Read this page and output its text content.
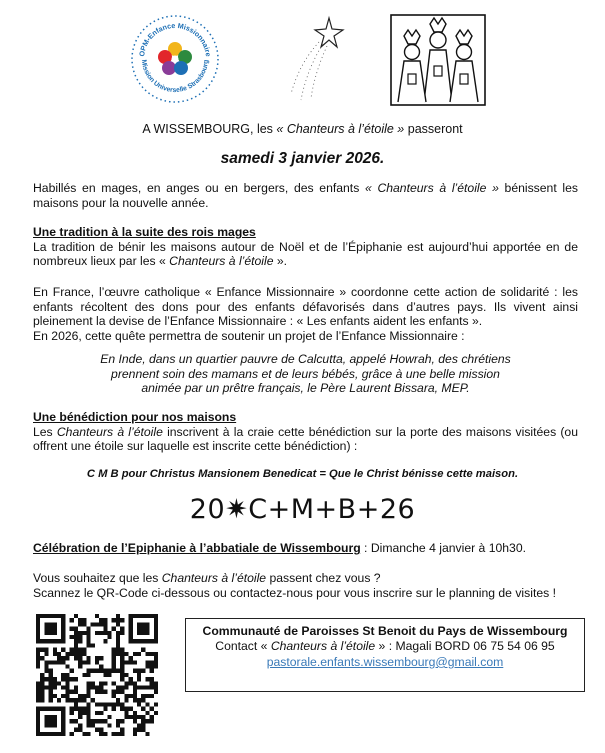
OPM-Enfance Missionnaire
Mission Universelle Strasbourg
A WISSEMBOURG, les « Chanteurs à l’étoile » passeront
samedi 3 janvier 2026.

Habillés en mages, en anges ou en bergers, des enfants « Chanteurs à l’étoile » bénissent les maisons pour la nouvelle année.

Une tradition à la suite des rois mages

La tradition de bénir les maisons autour de Noël et de l’Épiphanie est aujourd’hui apportée en de nombreux lieux par les « Chanteurs à l’étoile ».

En France, l’œuvre catholique « Enfance Missionnaire » coordonne cette action de solidarité : les enfants récoltent des dons pour des enfants défavorisés dans d’autres pays. Ils vivent ainsi pleinement la devise de l’Enfance Missionnaire : « Les enfants aident les enfants ».

En 2026, cette quête permettra de soutenir un projet de l’Enfance Missionnaire :

En Inde, dans un quartier pauvre de Calcutta, appelé Howrah, des chrétiens
prennent soin des mamans et de leurs bébés, grâce à une belle mission
animée par un prêtre français, le Père Laurent Bissara, MEP.

Une bénédiction pour nos maisons

Les Chanteurs à l’étoile inscrivent à la craie cette bénédiction sur la porte des maisons visitées (ou offrent une étoile sur laquelle est inscrite cette bénédiction) :

C M B pour Christus Mansionem Benedicat = Que le Christ bénisse cette maison.
20✷C+M+B+26
Célébration de l’Epiphanie à l’abbatiale de Wissembourg : Dimanche 4 janvier à 10h30.

Vous souhaitez que les Chanteurs à l’étoile passent chez vous ?

Scannez le QR-Code ci-dessous ou contactez-nous pour vous inscrire sur le planning de visites !

Communauté de Paroisses St Benoit du Pays de Wissembourg
Contact « Chanteurs à l’étoile » : Magali BORD 06 75 54 06 95
pastorale.enfants.wissembourg@gmail.com
